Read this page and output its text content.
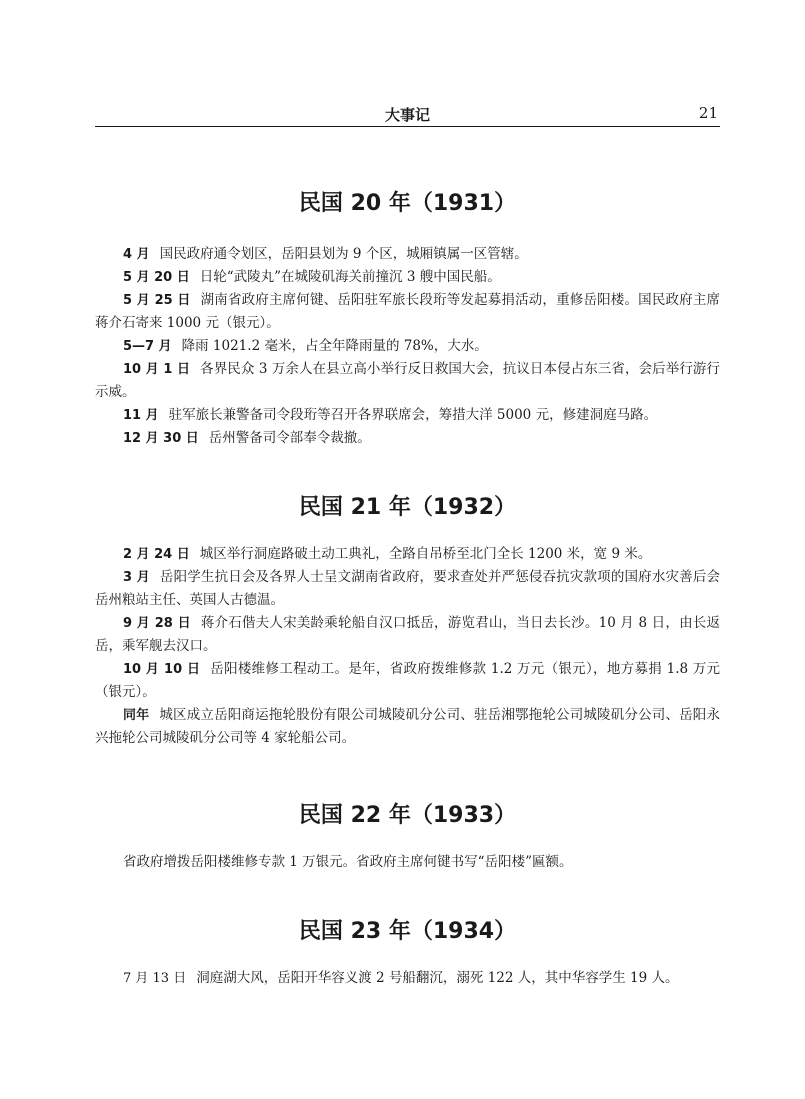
大事记	21
民国 20 年（1931）

4 月 国民政府通令划区，岳阳县划为 9 个区，城厢镇属一区管辖。

5 月 20 日 日轮“武陵丸”在城陵矶海关前撞沉 3 艘中国民船。

5 月 25 日 湖南省政府主席何键、岳阳驻军旅长段珩等发起募捐活动，重修岳阳楼。国民政府主席蒋介石寄来 1000 元（银元）。

5—7 月 降雨 1021.2 毫米，占全年降雨量的 78%，大水。

10 月 1 日 各界民众 3 万余人在县立高小举行反日救国大会，抗议日本侵占东三省，会后举行游行示威。

11 月 驻军旅长兼警备司令段珩等召开各界联席会，筹措大洋 5000 元，修建洞庭马路。

12 月 30 日 岳州警备司令部奉令裁撤。

民国 21 年（1932）

2 月 24 日 城区举行洞庭路破土动工典礼，全路自吊桥至北门全长 1200 米，宽 9 米。

3 月 岳阳学生抗日会及各界人士呈文湖南省政府，要求查处并严惩侵吞抗灾款项的国府水灾善后会岳州粮站主任、英国人古德温。

9 月 28 日 蒋介石偕夫人宋美龄乘轮船自汉口抵岳，游览君山，当日去长沙。10 月 8 日，由长返岳，乘军舰去汉口。

10 月 10 日 岳阳楼维修工程动工。是年，省政府拨维修款 1.2 万元（银元），地方募捐 1.8 万元（银元）。

同年 城区成立岳阳商运拖轮股份有限公司城陵矶分公司、驻岳湘鄂拖轮公司城陵矶分公司、岳阳永兴拖轮公司城陵矶分公司等 4 家轮船公司。

民国 22 年（1933）

省政府增拨岳阳楼维修专款 1 万银元。省政府主席何键书写“岳阳楼”匾额。

民国 23 年（1934）

7 月 13 日 洞庭湖大风，岳阳开华容义渡 2 号船翻沉，溺死 122 人，其中华容学生 19 人。
